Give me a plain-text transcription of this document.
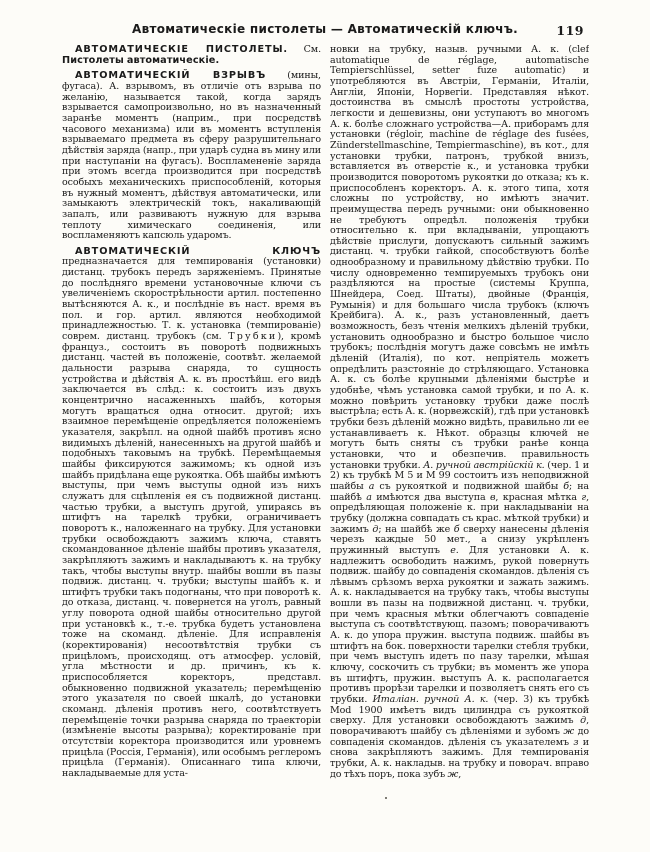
Автоматическіе пистолеты — Автоматическій ключъ.	119

АВТОМАТИЧЕСКІЕ ПИСТОЛЕТЫ. См. Пистолеты автоматическіе.

АВТОМАТИЧЕСКІЙ ВЗРЫВЪ (мины, фугаса). А. взрывомъ, въ отличіе отъ взрыва по желанію, называется такой, когда зарядъ взрывается самопроизвольно, но въ назначенный заранѣе моментъ (наприм., при посредствѣ часового механизма) или въ моментъ вступленія взрываемаго предмета въ сферу разрушительнаго дѣйствія заряда (напр., при ударѣ судна въ мину или при наступаніи на фугасъ). Воспламененіе заряда при этомъ всегда производится при посредствѣ особыхъ механическихъ приспособленій, которыя въ нужный моментъ, дѣйствуя автоматически, или замыкаютъ электрическій токъ, накаливающій запалъ, или развиваютъ нужную для взрыва теплоту химическаго соединенія, или воспламеняютъ капсюль ударомъ.

АВТОМАТИЧЕСКІЙ КЛЮЧЪ предназначается для темпированія (установки) дистанц. трубокъ передъ заряженіемъ. Принятые до послѣдняго времени установочные ключи съ увеличеніемъ скорострѣльности артил. постепенно вытѣсняются А. к., и послѣдніе въ наст. время въ пол. и гор. артил. являются необходимой принадлежностью. Т. к. установка (темпированіе) соврем. дистанц. трубокъ (см. Трубки), кромѣ француз., состоитъ въ поворотѣ подвижныхъ дистанц. частей въ положеніе, соотвѣт. желаемой дальности разрыва снаряда, то сущность устройства и дѣйствія А. к. въ простѣйш. его видѣ заключается въ слѣд.: к. состоитъ изъ двухъ концентрично насаженныхъ шайбъ, которыя могутъ вращаться одна относит. другой; ихъ взаимное перемѣщеніе опредѣляется положеніемъ указателя, закрѣпл. на одной шайбѣ противъ ясно видимыхъ дѣленій, нанесенныхъ на другой шайбѣ и подобныхъ таковымъ на трубкѣ. Перемѣщаемыя шайбы фиксируются зажимомъ; къ одной изъ шайбъ придѣлана еще рукоятка. Обѣ шайбы имѣютъ выступы, при чемъ выступы одной изъ нихъ служатъ для сцѣпленія ея съ подвижной дистанц. частью трубки, а выступъ другой, упираясь въ штифтъ на тарелкѣ трубки, ограничиваетъ поворотъ к., наложеннаго на трубку. Для установки трубки освобождаютъ зажимъ ключа, ставятъ скомандованное дѣленіе шайбы противъ указателя, закрѣпляютъ зажимъ и накладываютъ к. на трубку такъ, чтобы выступы внутр. шайбы вошли въ пазы подвиж. дистанц. ч. трубки; выступы шайбъ к. и штифтъ трубки такъ подогнаны, что при поворотѣ к. до отказа, дистанц. ч. повернется на уголъ, равный углу поворота одной шайбы относительно другой при установкѣ к., т.-е. трубка будетъ установлена тоже на скоманд. дѣленіе. Для исправленія (коректированія) несоотвѣтствія трубки съ прицѣломъ, происходящ. отъ атмосфер. условій, угла мѣстности и др. причинъ, къ к. приспособляется коректоръ, представл. обыкновенно подвижной указатель; перемѣщенію этого указателя по своей шкалѣ, до установки скоманд. дѣленія противъ него, соотвѣтствуетъ перемѣщеніе точки разрыва снаряда по траекторіи (измѣненіе высоты разрыва); коректированіе при отсутствіи коректора производится или уровнемъ прицѣла (Россія, Германія), или особымъ реглеромъ прицѣла (Германія). Описаннаго типа ключи, накладываемые для уста-

новки на трубку, назыв. ручными А. к. (clef automatique de réglage, automatische Tempierschlüssel, setter fuze automatic) и употребляются въ Австріи, Германіи, Италіи, Англіи, Японіи, Норвегіи. Представляя нѣкот. достоинства въ смыслѣ простоты устройства, легкости и дешевизны, они уступаютъ во многомъ А. к. болѣе сложнаго устройства—А. приборамъ для установки (régloir, machine de réglage des fusées, Zünderstellmaschine, Tempiermaschine), въ кот., для установки трубки, патронъ, трубкой внизъ, вставляется въ отверстіе к., и установка трубки производится поворотомъ рукоятки до отказа; къ к. приспособленъ коректоръ. А. к. этого типа, хотя сложны по устройству, но имѣютъ значит. преимущества передъ ручными: они обыкновенно не требуютъ опредѣл. положенія трубки относительно к. при вкладываніи, упрощаютъ дѣйствіе прислуги, допускаютъ сильный зажимъ дистанц. ч. трубки гайкой, способствуютъ болѣе однообразному и правильному дѣйствію трубки. По числу одновременно темпируемыхъ трубокъ они раздѣляются на простые (системы Круппа, Шнейдера, Соед. Штаты), двойные (Франція, Румынія) и для большаго числа трубокъ (ключъ Крейбига). А. к., разъ установленный, даетъ возможность, безъ чтенія мелкихъ дѣленій трубки, установить однообразно и быстро большое число трубокъ; послѣднія могутъ даже совсѣмъ не имѣть дѣленій (Италія), по кот. непріятель можетъ опредѣлить разстояніе до стрѣляющаго. Установка А. к. съ болѣе крупными дѣленіями быстрѣе и удобнѣе, чѣмъ установка самой трубки, и по А. к. можно повѣрить установку трубки даже послѣ выстрѣла; есть А. к. (норвежскій), гдѣ при установкѣ трубки безъ дѣленій можно видѣть, правильно ли ее устанавливаетъ к. Нѣкот. образцы ключей не могутъ быть сняты съ трубки ранѣе конца установки, что и обезпечив. правильность установки трубки. А. ручной австрійскій к. (чер. 1 и 2) къ трубкѣ М 5 и М 99 состоитъ изъ неподвижной шайбы а съ рукояткой и подвижной шайбы б; на шайбѣ а имѣются два выступа в, красная мѣтка г, опредѣляющая положеніе к. при накладываніи на трубку (должна совпадать съ крас. мѣткой трубки) и зажимъ д; на шайбѣ же б сверху нанесены дѣленія черезъ каждые 50 мет., а снизу укрѣпленъ пружинный выступъ е. Для установки А. к. надлежитъ освободить нажимъ, рукой повернуть подвиж. шайбу до совпаденія скомандов. дѣленія съ лѣвымъ срѣзомъ верха рукоятки и зажать зажимъ. А. к. накладывается на трубку такъ, чтобы выступы вошли въ пазы на подвижной дистанц. ч. трубки, при чемъ красныя мѣтки облегчаютъ совпаденіе выступа съ соотвѣтствующ. пазомъ; поворачиваютъ А. к. до упора пружин. выступа подвиж. шайбы въ штифтъ на бок. поверхности тарелки стебля трубки, при чемъ выступъ идетъ по пазу тарелки, мѣшая ключу, соскочить съ трубки; въ моментъ же упора въ штифтъ, пружин. выступъ А. к. располагается противъ прорѣзи тарелки и позволяетъ снять его съ трубки. Италіан. ручной А. к. (чер. 3) къ трубкѣ Mod 1900 имѣетъ видъ цилиндра съ рукояткой сверху. Для установки освобождаютъ зажимъ д, поворачиваютъ шайбу съ дѣленіями и зубомъ ж до совпаденія скомандов. дѣленія съ указателемъ з и снова закрѣпляютъ зажимъ. Для темпированія трубки, А. к. накладыв. на трубку и поворач. вправо до тѣхъ поръ, пока зубъ ж,
